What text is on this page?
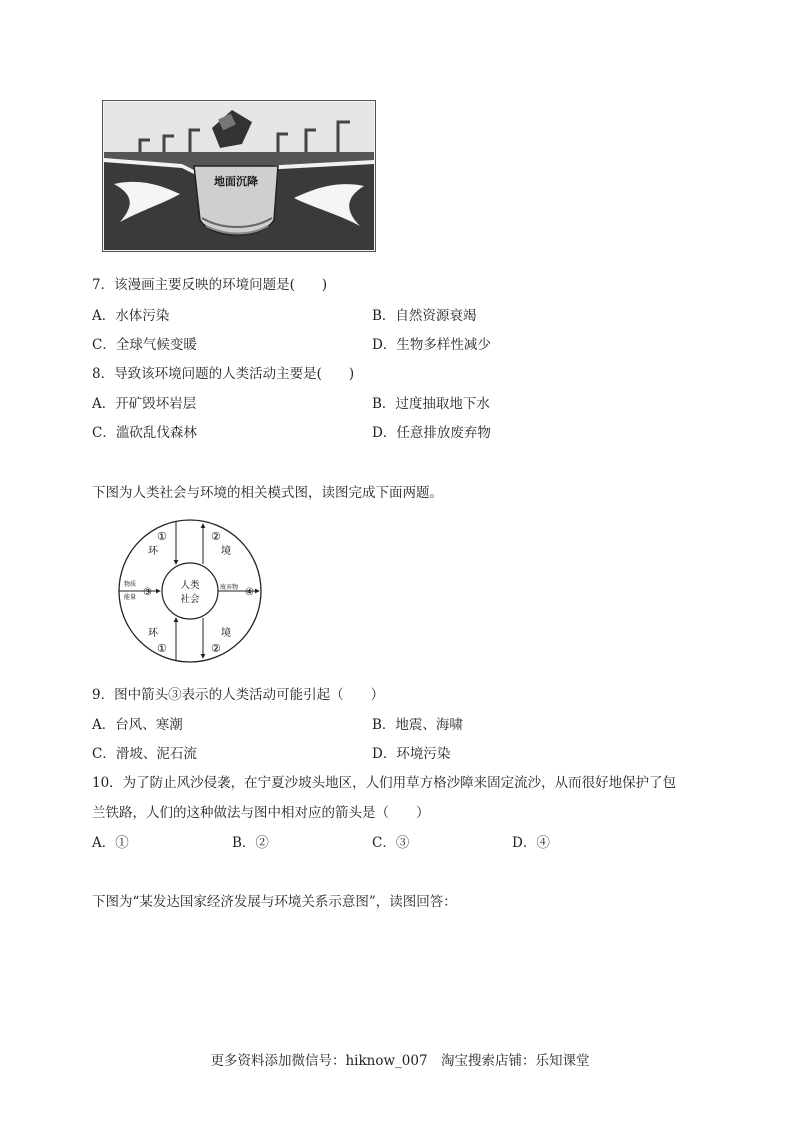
地面沉降
7．该漫画主要反映的环境问题是(　　)
A．水体污染	B．自然资源衰竭
C．全球气候变暖	D．生物多样性减少
8．导致该环境问题的人类活动主要是(　　)
A．开矿毁坏岩层	B．过度抽取地下水
C．滥砍乱伐森林	D．任意排放废弃物
下图为人类社会与环境的相关模式图，读图完成下面两题。
环	境
环	境
①	②
①	②
人类
社会
物质
能量 ③	废弃物 ④
9．图中箭头③表示的人类活动可能引起（　　）
A．台风、寒潮	B．地震、海啸
C．滑坡、泥石流	D．环境污染
10．为了防止风沙侵袭，在宁夏沙坡头地区，人们用草方格沙障来固定流沙，从而很好地保护了包
兰铁路，人们的这种做法与图中相对应的箭头是（　　）
A．①	B．②	C．③	D．④
下图为“某发达国家经济发展与环境关系示意图”，读图回答：
更多资料添加微信号：hiknow_007　淘宝搜索店铺：乐知课堂
